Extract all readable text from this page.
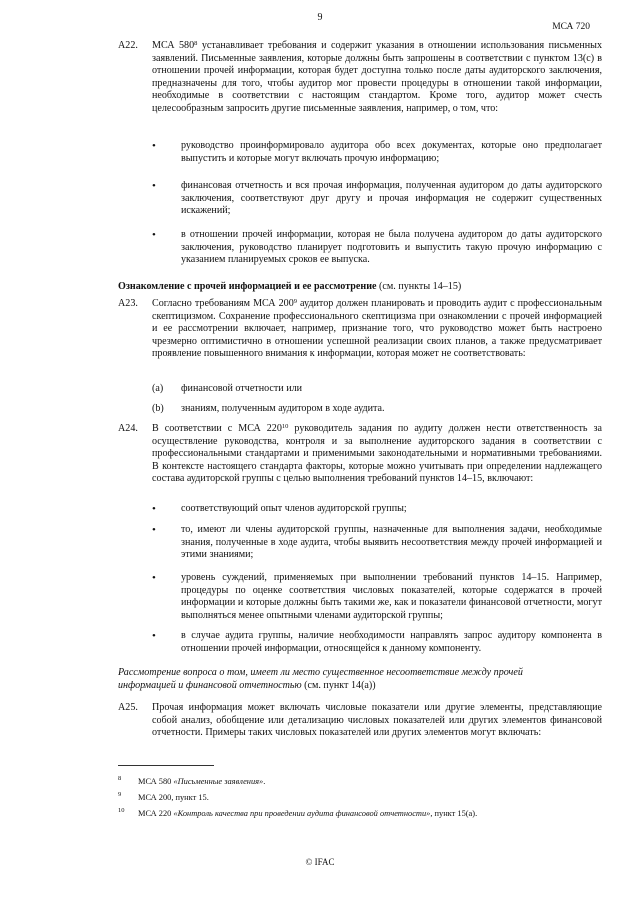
9
МСА 720
A22. МСА $580^8$ устанавливает требования и содержит указания в отношении использования письменных заявлений. Письменные заявления, которые должны быть запрошены в соответствии с пунктом 13(c) в отношении прочей информации, которая будет доступна только после даты аудиторского заключения, предназначены для того, чтобы аудитор мог провести процедуры в отношении такой информации, необходимые в соответствии с настоящим стандартом. Кроме того, аудитор может счесть целесообразным запросить другие письменные заявления, например, о том, что:
• руководство проинформировало аудитора обо всех документах, которые оно предполагает выпустить и которые могут включать прочую информацию;
• финансовая отчетность и вся прочая информация, полученная аудитором до даты аудиторского заключения, соответствуют друг другу и прочая информация не содержит существенных искажений;
• в отношении прочей информации, которая не была получена аудитором до даты аудиторского заключения, руководство планирует подготовить и выпустить такую прочую информацию с указанием планируемых сроков ее выпуска.
Ознакомление с прочей информацией и ее рассмотрение (см. пункты 14–15)
A23. Согласно требованиям МСА $200^9$ аудитор должен планировать и проводить аудит с профессиональным скептицизмом. Сохранение профессионального скептицизма при ознакомлении с прочей информацией и ее рассмотрении включает, например, признание того, что руководство может быть настроено чрезмерно оптимистично в отношении успешной реализации своих планов, а также предусматривает проявление повышенного внимания к информации, которая может не соответствовать:
(a) финансовой отчетности или
(b) знаниям, полученным аудитором в ходе аудита.
A24. В соответствии с МСА $220^{10}$ руководитель задания по аудиту должен нести ответственность за осуществление руководства, контроля и за выполнение аудиторского задания в соответствии с профессиональными стандартами и применимыми законодательными и нормативными требованиями. В контексте настоящего стандарта факторы, которые можно учитывать при определении надлежащего состава аудиторской группы с целью выполнения требований пунктов 14–15, включают:
• соответствующий опыт членов аудиторской группы;
• то, имеют ли члены аудиторской группы, назначенные для выполнения задачи, необходимые знания, полученные в ходе аудита, чтобы выявить несоответствия между прочей информацией и этими знаниями;
• уровень суждений, применяемых при выполнении требований пунктов 14–15. Например, процедуры по оценке соответствия числовых показателей, которые содержатся в прочей информации и которые должны быть такими же, как и показатели финансовой отчетности, могут выполняться менее опытными членами аудиторской группы;
• в случае аудита группы, наличие необходимости направлять запрос аудитору компонента в отношении прочей информации, относящейся к данному компоненту.
Рассмотрение вопроса о том, имеет ли место существенное несоответствие между прочей
информацией и финансовой отчетностью (см. пункт 14(a))
A25. Прочая информация может включать числовые показатели или другие элементы, представляющие собой анализ, обобщение или детализацию числовых показателей или других элементов финансовой отчетности. Примеры таких числовых показателей или других элементов могут включать:
8 МСА 580 «Письменные заявления».
9 МСА 200, пункт 15.
10 МСА 220 «Контроль качества при проведении аудита финансовой отчетности», пункт 15(a).
© IFAC
